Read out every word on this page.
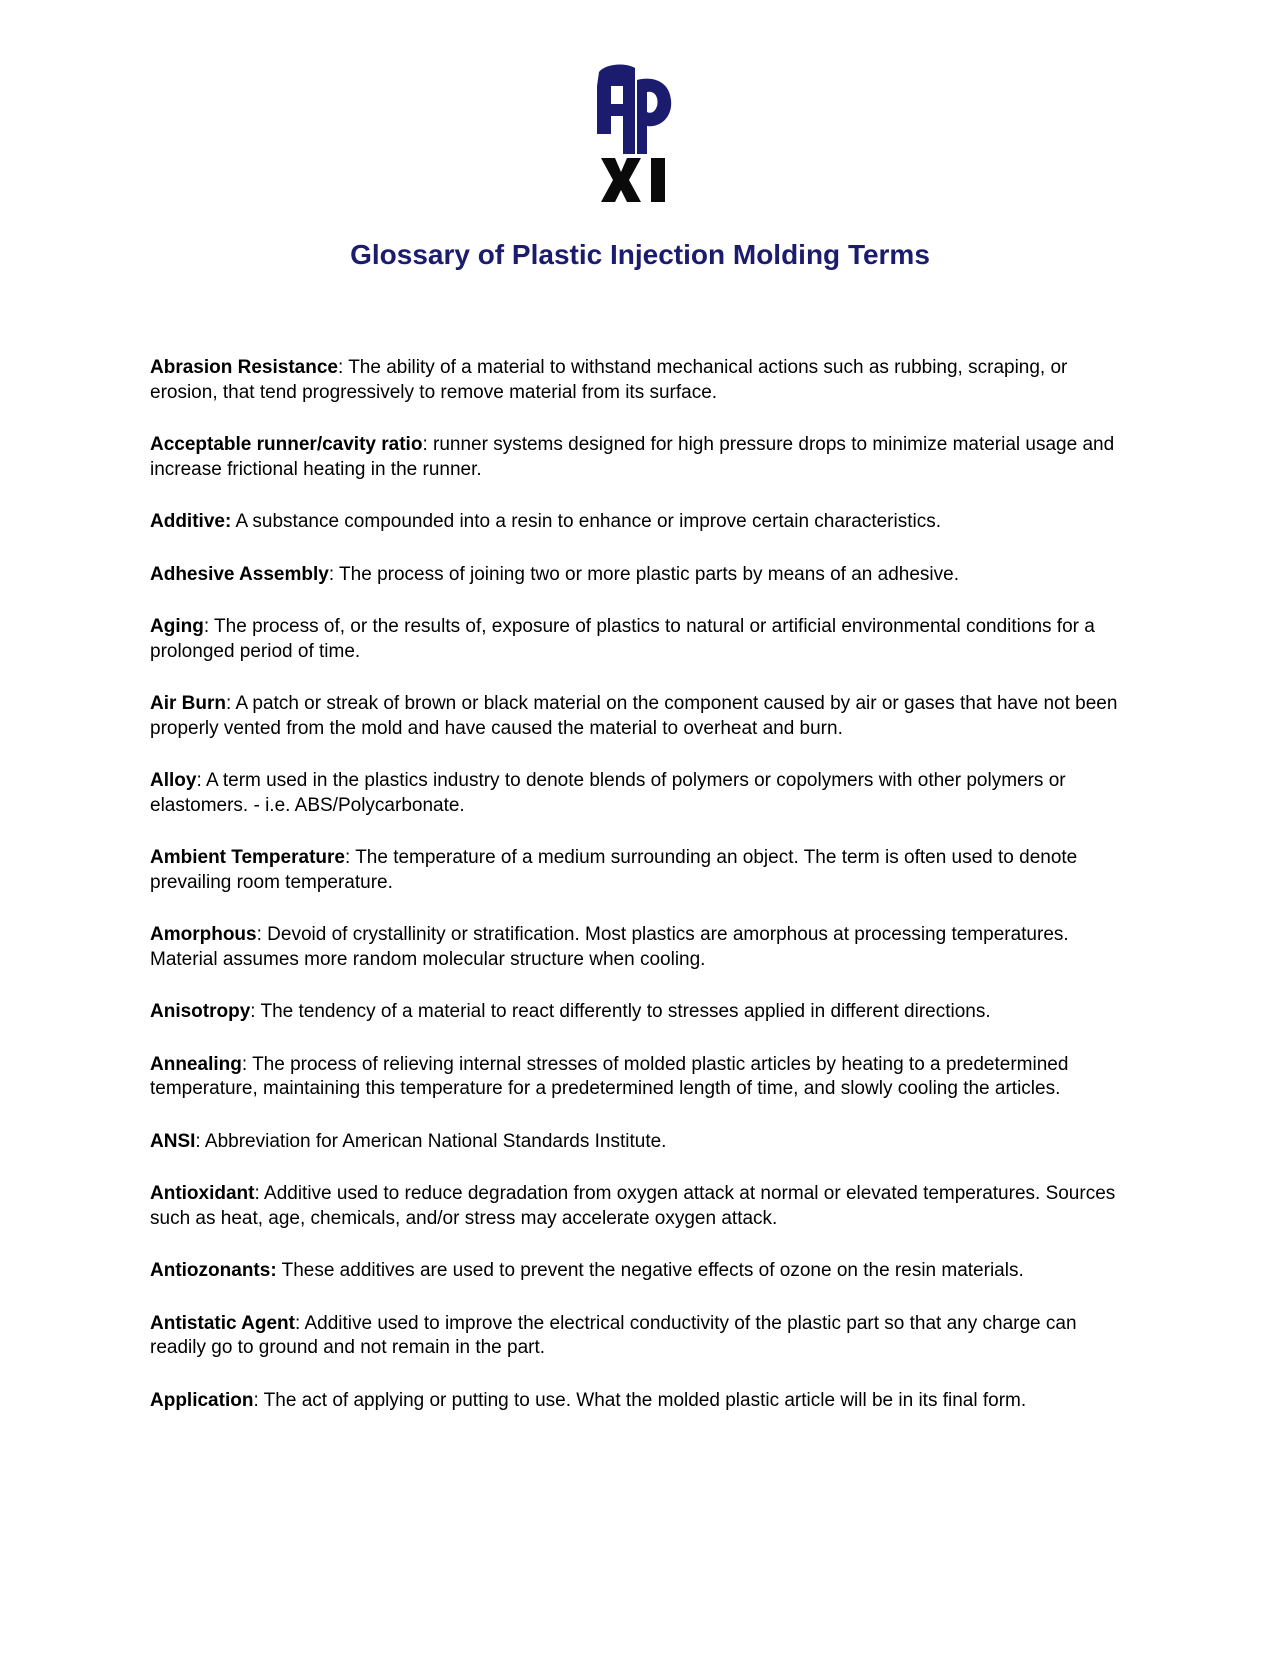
Glossary of Plastic Injection Molding Terms
Abrasion Resistance: The ability of a material to withstand mechanical actions such as rubbing, scraping, or erosion, that tend progressively to remove material from its surface.
Acceptable runner/cavity ratio: runner systems designed for high pressure drops to minimize material usage and increase frictional heating in the runner.
Additive: A substance compounded into a resin to enhance or improve certain characteristics.
Adhesive Assembly: The process of joining two or more plastic parts by means of an adhesive.
Aging: The process of, or the results of, exposure of plastics to natural or artificial environmental conditions for a prolonged period of time.
Air Burn: A patch or streak of brown or black material on the component caused by air or gases that have not been properly vented from the mold and have caused the material to overheat and burn.
Alloy: A term used in the plastics industry to denote blends of polymers or copolymers with other polymers or elastomers. - i.e. ABS/Polycarbonate.
Ambient Temperature: The temperature of a medium surrounding an object. The term is often used to denote prevailing room temperature.
Amorphous: Devoid of crystallinity or stratification. Most plastics are amorphous at processing temperatures. Material assumes more random molecular structure when cooling.
Anisotropy: The tendency of a material to react differently to stresses applied in different directions.
Annealing: The process of relieving internal stresses of molded plastic articles by heating to a predetermined temperature, maintaining this temperature for a predetermined length of time, and slowly cooling the articles.
ANSI: Abbreviation for American National Standards Institute.
Antioxidant: Additive used to reduce degradation from oxygen attack at normal or elevated temperatures. Sources such as heat, age, chemicals, and/or stress may accelerate oxygen attack.
Antiozonants: These additives are used to prevent the negative effects of ozone on the resin materials.
Antistatic Agent: Additive used to improve the electrical conductivity of the plastic part so that any charge can readily go to ground and not remain in the part.
Application: The act of applying or putting to use. What the molded plastic article will be in its final form.
